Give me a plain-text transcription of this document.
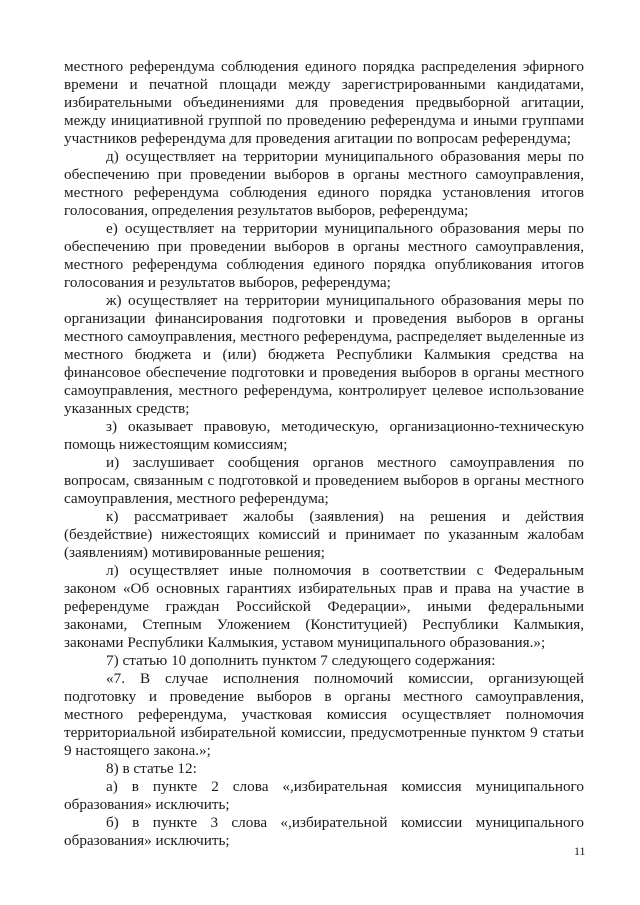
местного референдума соблюдения единого порядка распределения эфирного времени и печатной площади между зарегистрированными кандидатами, избирательными объединениями для проведения предвыборной агитации, между инициативной группой по проведению референдума и иными группами участников референдума для проведения агитации по вопросам референдума;

д) осуществляет на территории муниципального образования меры по обеспечению при проведении выборов в органы местного самоуправления, местного референдума соблюдения единого порядка установления итогов голосования, определения результатов выборов, референдума;

е) осуществляет на территории муниципального образования меры по обеспечению при проведении выборов в органы местного самоуправления, местного референдума соблюдения единого порядка опубликования итогов голосования и результатов выборов, референдума;

ж) осуществляет на территории муниципального образования меры по организации финансирования подготовки и проведения выборов в органы местного самоуправления, местного референдума, распределяет выделенные из местного бюджета и (или) бюджета Республики Калмыкия средства на финансовое обеспечение подготовки и проведения выборов в органы местного самоуправления, местного референдума, контролирует целевое использование указанных средств;

з) оказывает правовую, методическую, организационно-техническую помощь нижестоящим комиссиям;

и) заслушивает сообщения органов местного самоуправления по вопросам, связанным с подготовкой и проведением выборов в органы местного самоуправления, местного референдума;

к) рассматривает жалобы (заявления) на решения и действия (бездействие) нижестоящих комиссий и принимает по указанным жалобам (заявлениям) мотивированные решения;

л) осуществляет иные полномочия в соответствии с Федеральным законом «Об основных гарантиях избирательных прав и права на участие в референдуме граждан Российской Федерации», иными федеральными законами, Степным Уложением (Конституцией) Республики Калмыкия, законами Республики Калмыкия, уставом муниципального образования.»;

7) статью 10 дополнить пунктом 7 следующего содержания:

«7. В случае исполнения полномочий комиссии, организующей подготовку и проведение выборов в органы местного самоуправления, местного референдума, участковая комиссия осуществляет полномочия территориальной избирательной комиссии, предусмотренные пунктом 9 статьи 9 настоящего закона.»;

8) в статье 12:

а) в пункте 2 слова «,избирательная комиссия муниципального образования» исключить;

б) в пункте 3 слова «,избирательной комиссии муниципального образования» исключить;

11
